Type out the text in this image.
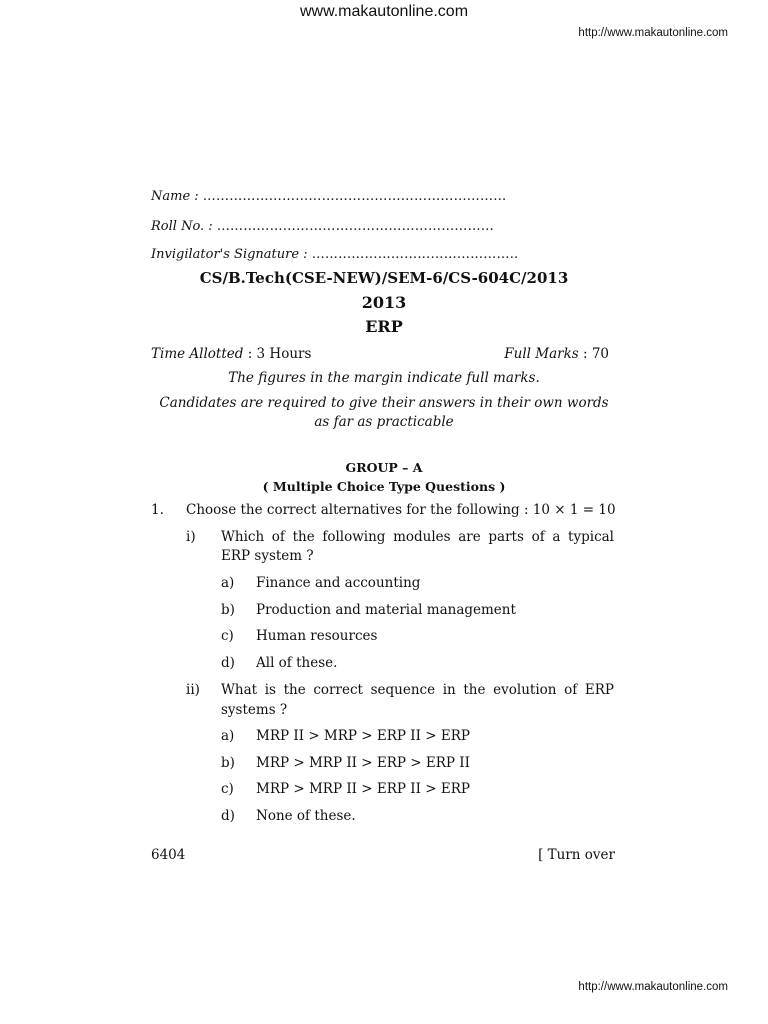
www.makautonline.com
http://www.makautonline.com
Name : ……………………………………………………………
Roll No. : ………………………………………………………
Invigilator's Signature : ………………………………………..
CS/B.Tech(CSE-NEW)/SEM-6/CS-604C/2013
2013
ERP
Time Allotted : 3 Hours	Full Marks : 70
The figures in the margin indicate full marks.
Candidates are required to give their answers in their own words
as far as practicable
GROUP – A
( Multiple Choice Type Questions )
1. Choose the correct alternatives for the following : 10 × 1 = 10
i) Which of the following modules are parts of a typical
ERP system ?
a) Finance and accounting
b) Production and material management
c) Human resources
d) All of these.
ii) What is the correct sequence in the evolution of ERP
systems ?
a) MRP II > MRP > ERP II > ERP
b) MRP > MRP II > ERP > ERP II
c) MRP > MRP II > ERP II > ERP
d) None of these.
6404	[ Turn over
http://www.makautonline.com
